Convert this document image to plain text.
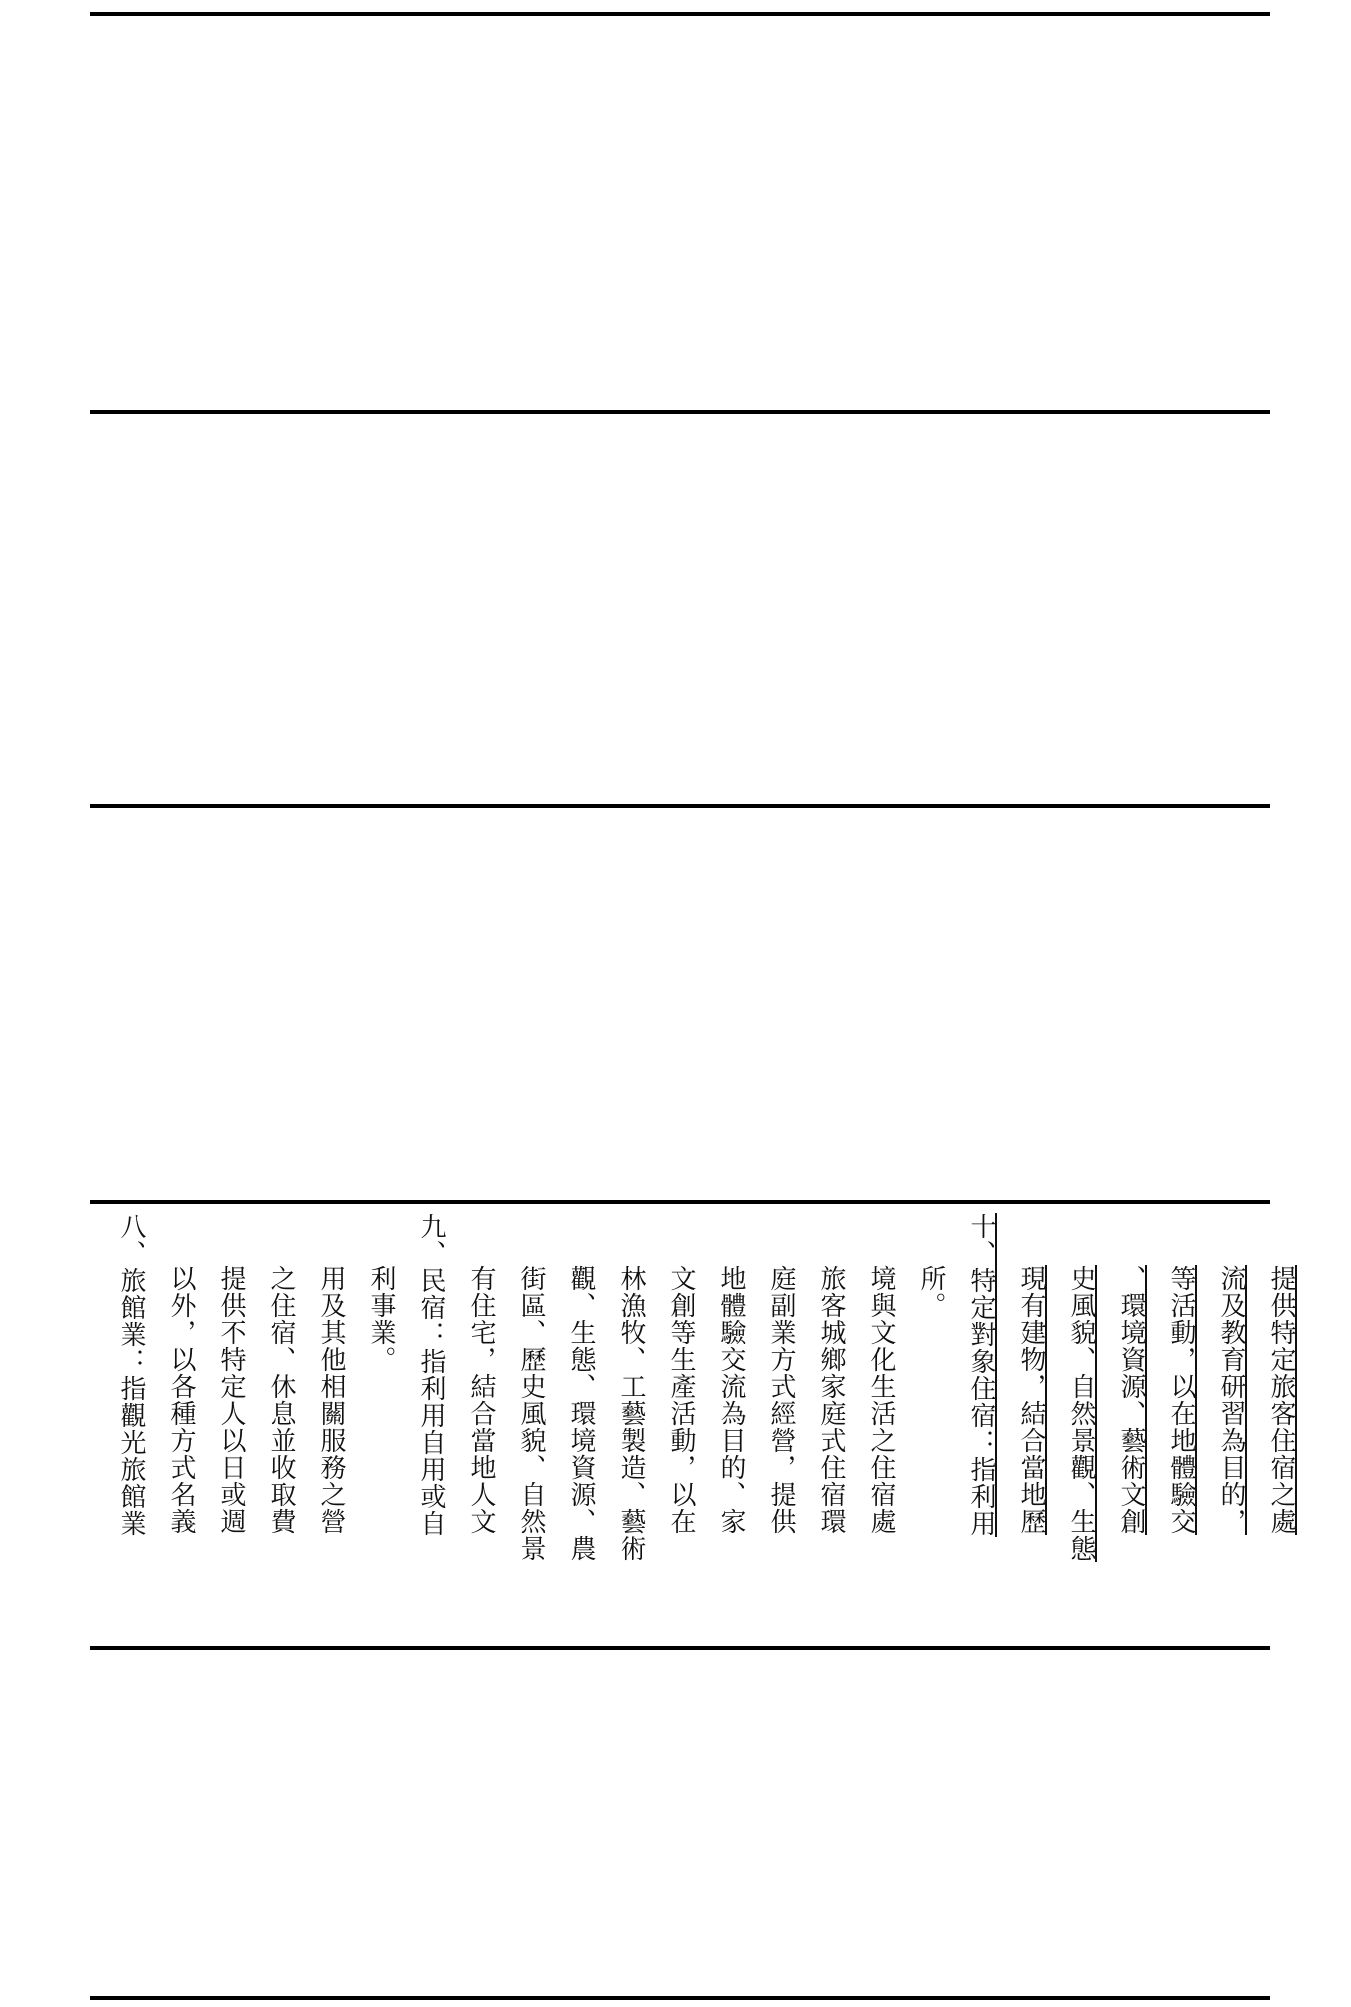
八、旅館業：指觀光旅館業 以外，以各種方式名義 提供不特定人以日或週 之住宿、休息並收取費 用及其他相關服務之營 利事業。 九、民宿：指利用自用或自 有住宅，結合當地人文 街區、歷史風貌、自然景 觀、生態、環境資源、農 林漁牧、工藝製造、藝術 文創等生產活動，以在 地體驗交流為目的、家 庭副業方式經營，提供 旅客城鄉家庭式住宿環 境與文化生活之住宿處 所。 十、特定對象住宿：指利用 現有建物，結合當地歷 史風貌、自然景觀、生態 、環境資源、藝術文創 等活動，以在地體驗交 流及教育研習為目的， 提供特定旅客住宿之處
